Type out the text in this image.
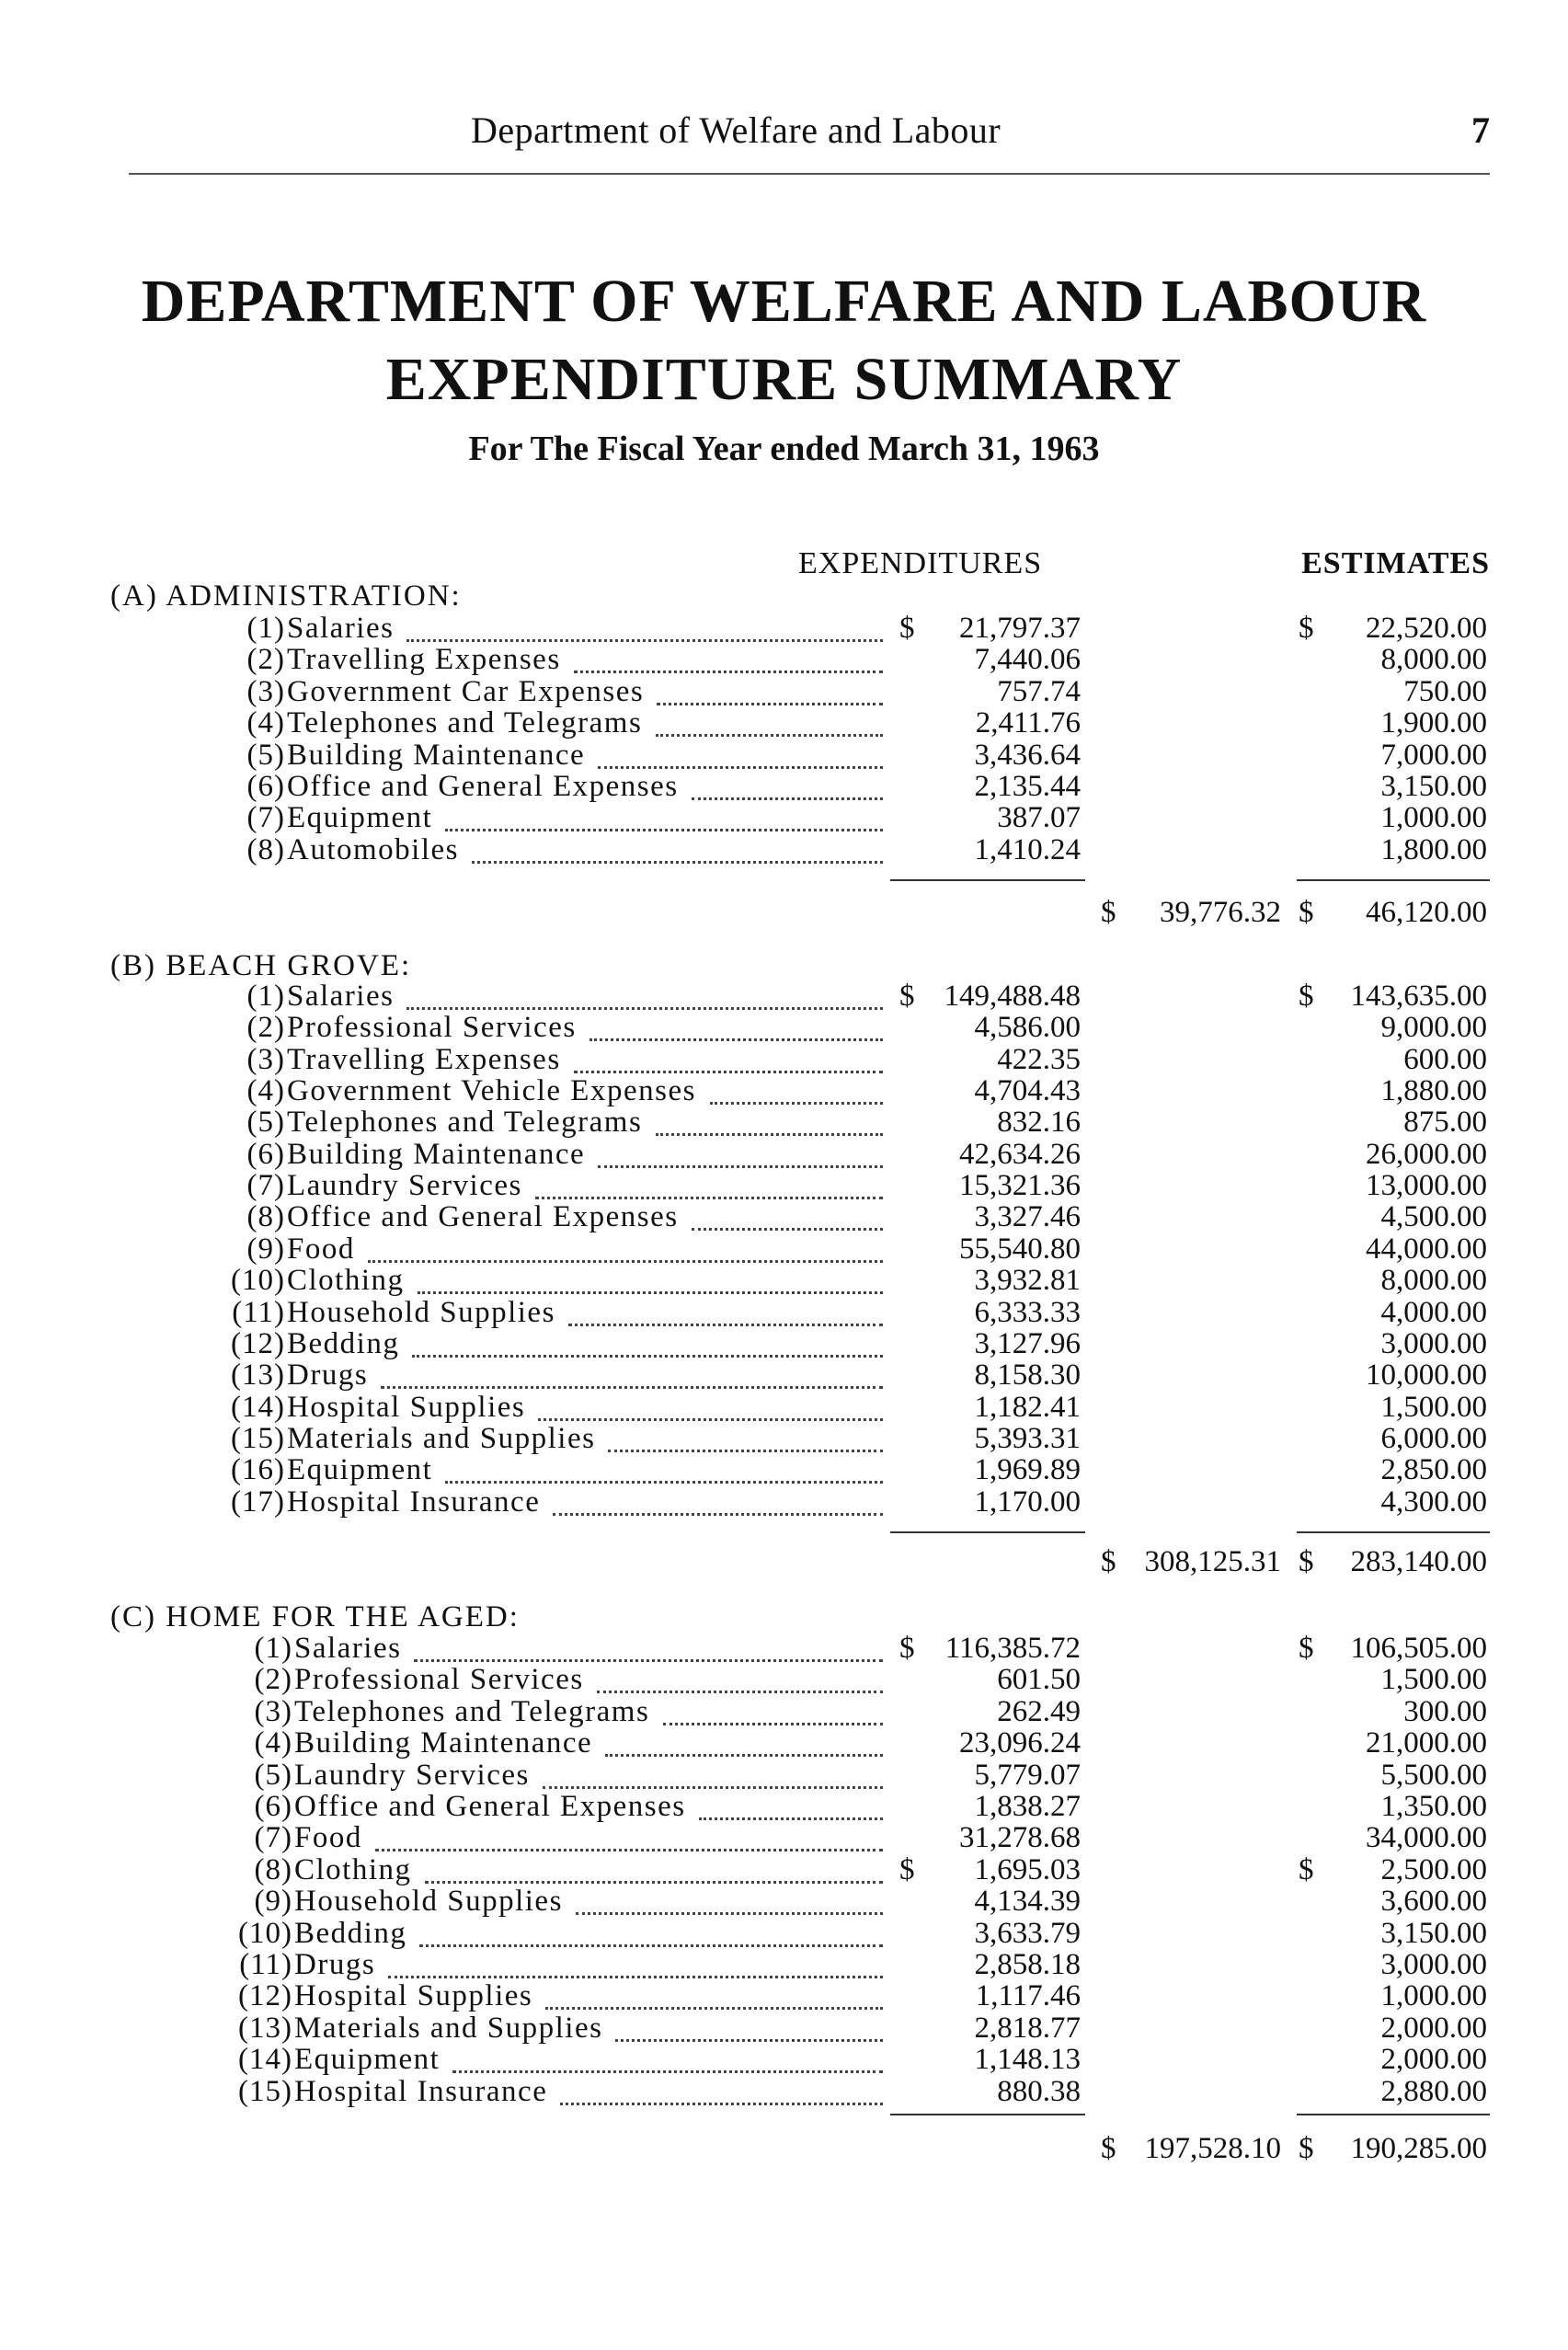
Department of Welfare and Labour	7
DEPARTMENT OF WELFARE AND LABOUR
EXPENDITURE SUMMARY
For The Fiscal Year ended March 31, 1963
EXPENDITURES	ESTIMATES
(A) ADMINISTRATION:
(1) Salaries	$ 21,797.37	$ 22,520.00
(2) Travelling Expenses	7,440.06	8,000.00
(3) Government Car Expenses	757.74	750.00
(4) Telephones and Telegrams	2,411.76	1,900.00
(5) Building Maintenance	3,436.64	7,000.00
(6) Office and General Expenses	2,135.44	3,150.00
(7) Equipment	387.07	1,000.00
(8) Automobiles	1,410.24	1,800.00
$ 39,776.32 $ 46,120.00
(B) BEACH GROVE:
(1) Salaries	$ 149,488.48	$ 143,635.00
(2) Professional Services	4,586.00	9,000.00
(3) Travelling Expenses	422.35	600.00
(4) Government Vehicle Expenses	4,704.43	1,880.00
(5) Telephones and Telegrams	832.16	875.00
(6) Building Maintenance	42,634.26	26,000.00
(7) Laundry Services	15,321.36	13,000.00
(8) Office and General Expenses	3,327.46	4,500.00
(9) Food	55,540.80	44,000.00
(10) Clothing	3,932.81	8,000.00
(11) Household Supplies	6,333.33	4,000.00
(12) Bedding	3,127.96	3,000.00
(13) Drugs	8,158.30	10,000.00
(14) Hospital Supplies	1,182.41	1,500.00
(15) Materials and Supplies	5,393.31	6,000.00
(16) Equipment	1,969.89	2,850.00
(17) Hospital Insurance	1,170.00	4,300.00
$ 308,125.31 $ 283,140.00
(C) HOME FOR THE AGED:
(1) Salaries	$ 116,385.72	$ 106,505.00
(2) Professional Services	601.50	1,500.00
(3) Telephones and Telegrams	262.49	300.00
(4) Building Maintenance	23,096.24	21,000.00
(5) Laundry Services	5,779.07	5,500.00
(6) Office and General Expenses	1,838.27	1,350.00
(7) Food	31,278.68	34,000.00
(8) Clothing	$ 1,695.03	$ 2,500.00
(9) Household Supplies	4,134.39	3,600.00
(10) Bedding	3,633.79	3,150.00
(11) Drugs	2,858.18	3,000.00
(12) Hospital Supplies	1,117.46	1,000.00
(13) Materials and Supplies	2,818.77	2,000.00
(14) Equipment	1,148.13	2,000.00
(15) Hospital Insurance	880.38	2,880.00
$ 197,528.10 $ 190,285.00
